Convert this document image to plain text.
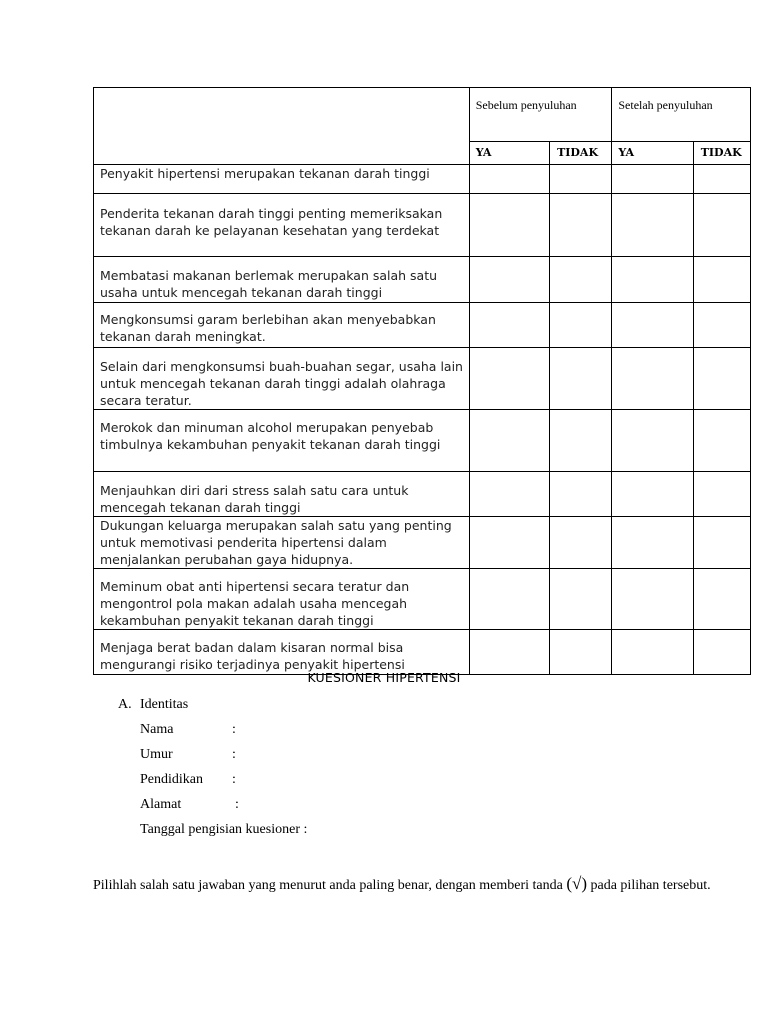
	Sebelum penyuluhan		Setelah penyuluhan	
	YA	TIDAK	YA	TIDAK

Penyakit hipertensi merupakan tekanan darah tinggi				

Penderita tekanan darah tinggi penting memeriksakan tekanan darah ke pelayanan kesehatan yang terdekat				

Membatasi makanan berlemak merupakan salah satu usaha untuk mencegah tekanan darah tinggi				

Mengkonsumsi garam berlebihan akan menyebabkan tekanan darah meningkat.				

Selain dari mengkonsumsi buah-buahan segar, usaha lain untuk mencegah tekanan darah tinggi adalah olahraga secara teratur.				

Merokok dan minuman alcohol merupakan penyebab timbulnya kekambuhan penyakit tekanan darah tinggi				

Menjauhkan diri dari stress salah satu cara untuk mencegah tekanan darah tinggi				

Dukungan keluarga merupakan salah satu yang penting untuk memotivasi penderita hipertensi dalam menjalankan perubahan gaya hidupnya.				

Meminum obat anti hipertensi secara teratur dan mengontrol pola makan adalah usaha mencegah kekambuhan penyakit tekanan darah tinggi				

Menjaga berat badan dalam kisaran normal bisa mengurangi risiko terjadinya penyakit hipertensi				

KUESIONER HIPERTENSI
A. Identitas
Nama	:
Umur	:
Pendidikan :
Alamat	:
Tanggal pengisian kuesioner :
Pilihlah salah satu jawaban yang menurut anda paling benar, dengan memberi tanda (√) pada pilihan tersebut.
